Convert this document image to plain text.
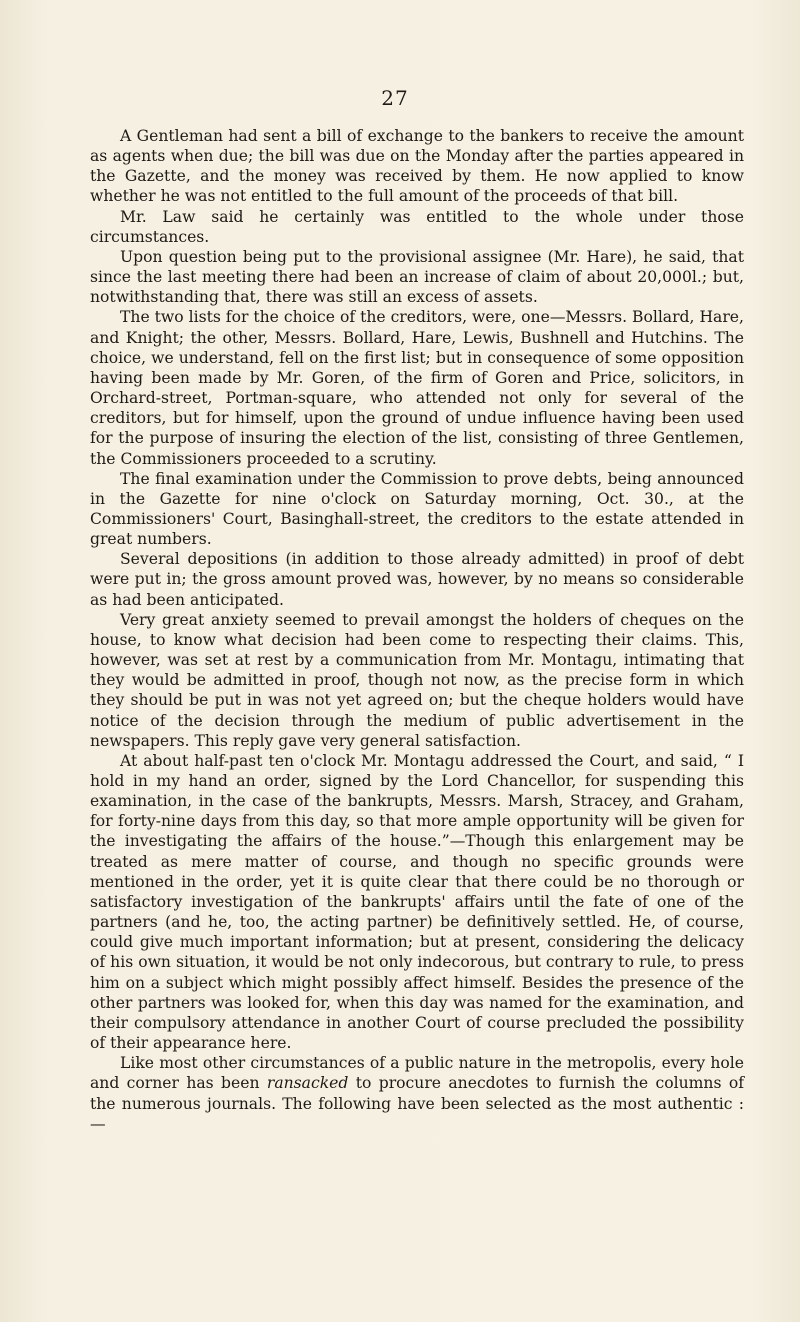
27

A Gentleman had sent a bill of exchange to the bankers to receive the amount as agents when due; the bill was due on the Monday after the parties appeared in the Gazette, and the money was received by them. He now applied to know whether he was not entitled to the full amount of the proceeds of that bill.

Mr. Law said he certainly was entitled to the whole under those circumstances.

Upon question being put to the provisional assignee (Mr. Hare), he said, that since the last meeting there had been an increase of claim of about 20,000l.; but, notwithstanding that, there was still an excess of assets.

The two lists for the choice of the creditors, were, one—Messrs. Bollard, Hare, and Knight; the other, Messrs. Bollard, Hare, Lewis, Bushnell and Hutchins. The choice, we understand, fell on the first list; but in consequence of some opposition having been made by Mr. Goren, of the firm of Goren and Price, solicitors, in Orchard-street, Portman-square, who attended not only for several of the creditors, but for himself, upon the ground of undue influence having been used for the purpose of insuring the election of the list, consisting of three Gentlemen, the Commissioners proceeded to a scrutiny.

The final examination under the Commission to prove debts, being announced in the Gazette for nine o'clock on Saturday morning, Oct. 30., at the Commissioners' Court, Basinghall-street, the creditors to the estate attended in great numbers.

Several depositions (in addition to those already admitted) in proof of debt were put in; the gross amount proved was, however, by no means so considerable as had been anticipated.

Very great anxiety seemed to prevail amongst the holders of cheques on the house, to know what decision had been come to respecting their claims. This, however, was set at rest by a communication from Mr. Montagu, intimating that they would be admitted in proof, though not now, as the precise form in which they should be put in was not yet agreed on; but the cheque holders would have notice of the decision through the medium of public advertisement in the newspapers. This reply gave very general satisfaction.

At about half-past ten o'clock Mr. Montagu addressed the Court, and said, “ I hold in my hand an order, signed by the Lord Chancellor, for suspending this examination, in the case of the bankrupts, Messrs. Marsh, Stracey, and Graham, for forty-nine days from this day, so that more ample opportunity will be given for the investigating the affairs of the house.”—Though this enlargement may be treated as mere matter of course, and though no specific grounds were mentioned in the order, yet it is quite clear that there could be no thorough or satisfactory investigation of the bankrupts' affairs until the fate of one of the partners (and he, too, the acting partner) be definitively settled. He, of course, could give much important information; but at present, considering the delicacy of his own situation, it would be not only indecorous, but contrary to rule, to press him on a subject which might possibly affect himself. Besides the presence of the other partners was looked for, when this day was named for the examination, and their compulsory attendance in another Court of course precluded the possibility of their appearance here.

Like most other circumstances of a public nature in the metropolis, every hole and corner has been ransacked to procure anecdotes to furnish the columns of the numerous journals. The following have been selected as the most authentic :—
